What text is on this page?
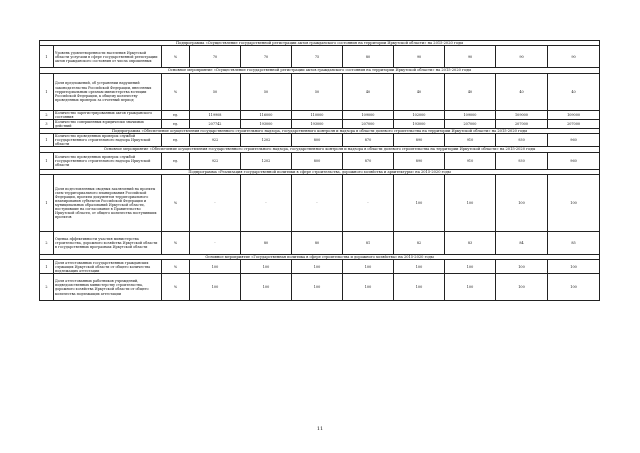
Подпрограмма «Осуществление государственной регистрации актов гражданского состояния на территории Иркутской области» на 2015-2020 годы										
1	Уровень удовлетворенности населения Иркутской области услугами в сфере государственной регистрации актов гражданского состояния от числа опрошенных	%	70	70	75	80	90	90	90	90
Основное мероприятие «Осуществление государственной регистрации актов гражданского состояния на территории Иркутской области» на 2015-2020 годы										
1	Доля предложений, об устранении нарушений законодательства Российской Федерации, внесенных территориальным органам министерства юстиции Российской Федерации, к общему количеству проведенных проверок за отчетный период	%	50	50	50	40	40	40	40	40
2	Количество зарегистрированных актов гражданского состояния	ед.	119908	116000	110000	109000	102000	109000	109000	109000
3	Количество совершенных юридически значимых действий	ед.	207742	193000	193000	207000	193000	207000	207000	207000
Подпрограмма «Обеспечение осуществления государственного строительного надзора, государственного контроля и надзора в области долевого строительства на территории Иркутской области» на 2015-2020 годы										
1	Количество проведенных проверок службой государственного строительного надзора Иркутской области	ед.	922	1202	800	870	890	910	930	960
Основное мероприятие «Обеспечение осуществления государственного строительного надзора, государственного контроля и надзора в области долевого строительства на территории Иркутской области» на 2015-2020 годы										
1	Количество проведенных проверок службой государственного строительного надзора Иркутской области	ед.	922	1202	800	870	890	910	930	960
Подпрограмма «Реализация государственной политики в сфере строительства, дорожного хозяйства и архитектуры» на 2015-2020 годы										
1	Доля подготовленных сводных заключений на проекты схем территориального планирования Российской Федерации, проекты документов территориального планирования субъектов Российской Федерации и муниципальных образований Иркутской области, поступившие на согласование в Правительство Иркутской области, от общего количества поступивших проектов	%	-	-	-	-	100	100	100	100
2	Оценка эффективности участия министерства строительства, дорожного хозяйства Иркутской области в государственных программах Иркутской области	%	-	80	80	81	82	83	84	85
Основное мероприятие «Государственная политика в сфере строительства и дорожного хозяйства» на 2015-2020 годы										
1	Доля аттестованных государственных гражданских служащих Иркутской области от общего количества подлежащих аттестации	%	100	100	100	100	100	100	100	100
2	Доля аттестованных работников учреждений, подведомственных министерству строительства, дорожного хозяйства Иркутской области от общего количества подлежащих аттестации	%	100	100	100	100	100	100	100	100
11
